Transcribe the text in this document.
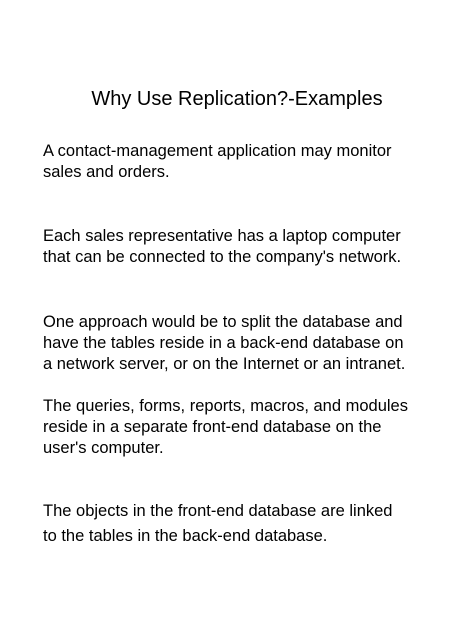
Why Use Replication?-Examples

A contact-management application may monitor
sales and orders.

Each sales representative has a laptop computer
that can be connected to the company's network.

One approach would be to split the database and
have the tables reside in a back-end database on
a network server, or on the Internet or an intranet.

The queries, forms, reports, macros, and modules
reside in a separate front-end database on the
user's computer.

The objects in the front-end database are linked
to the tables in the back-end database.
